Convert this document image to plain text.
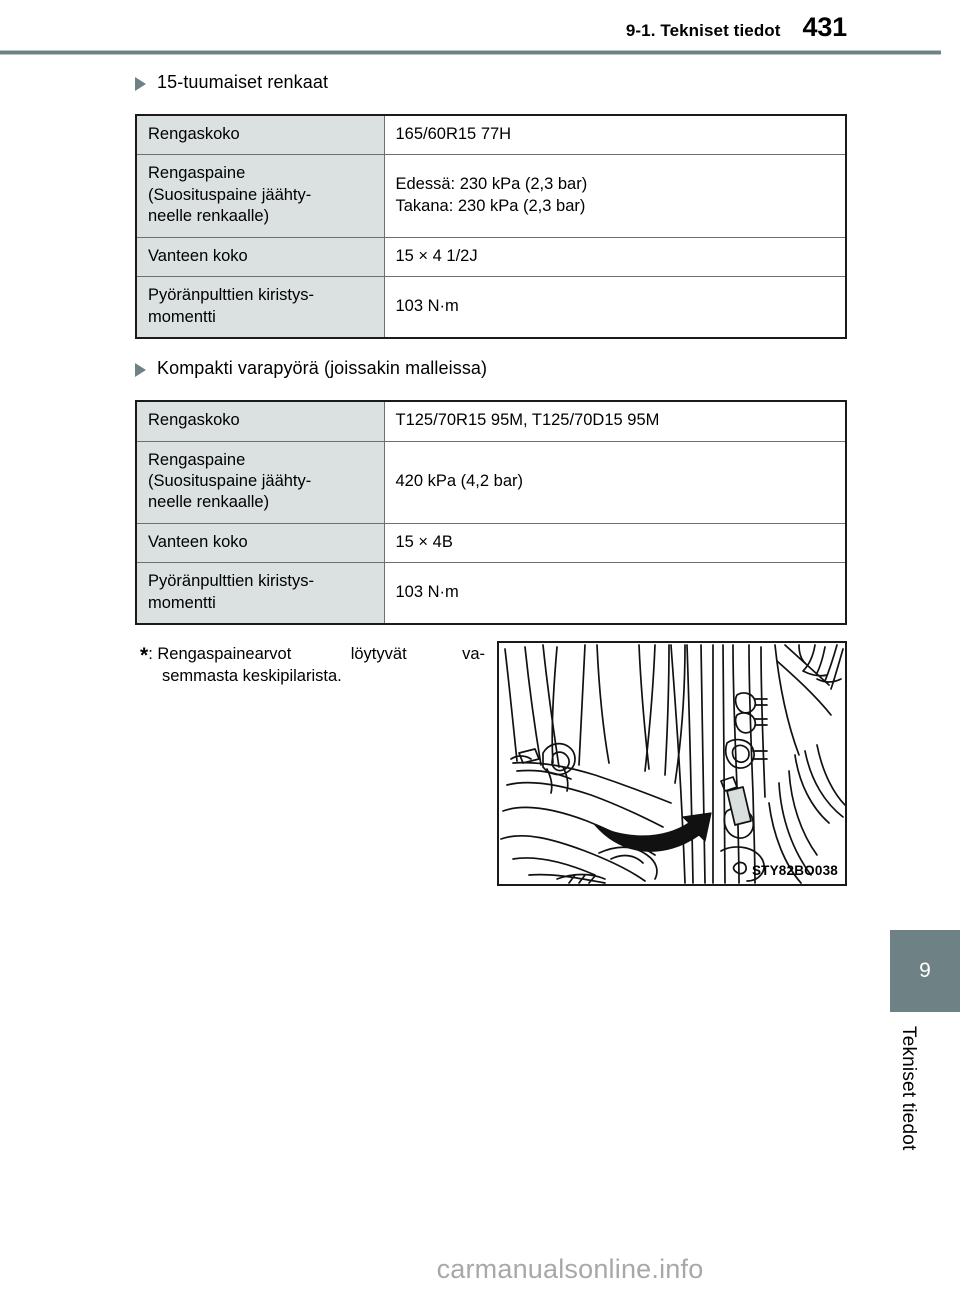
9-1. Tekniset tiedot 431
15-tuumaiset renkaat
Rengaskoko	165/60R15 77H
Rengaspaine
(Suosituspaine jäähty-
neelle renkaalle)	Edessä: 230 kPa (2,3 bar)
Takana: 230 kPa (2,3 bar)
Vanteen koko	15 × 4 1/2J
Pyöränpulttien kiristys-
momentti	103 N·m
Kompakti varapyörä (joissakin malleissa)
Rengaskoko	T125/70R15 95M, T125/70D15 95M
Rengaspaine
(Suosituspaine jäähty-
neelle renkaalle)	420 kPa (4,2 bar)
Vanteen koko	15 × 4B
Pyöränpulttien kiristys-
momentti	103 N·m
*: Rengaspainearvot	löytyvät	va-
semmasta keskipilarista.
STY82BO038
9
Tekniset tiedot
carmanualsonline.info
